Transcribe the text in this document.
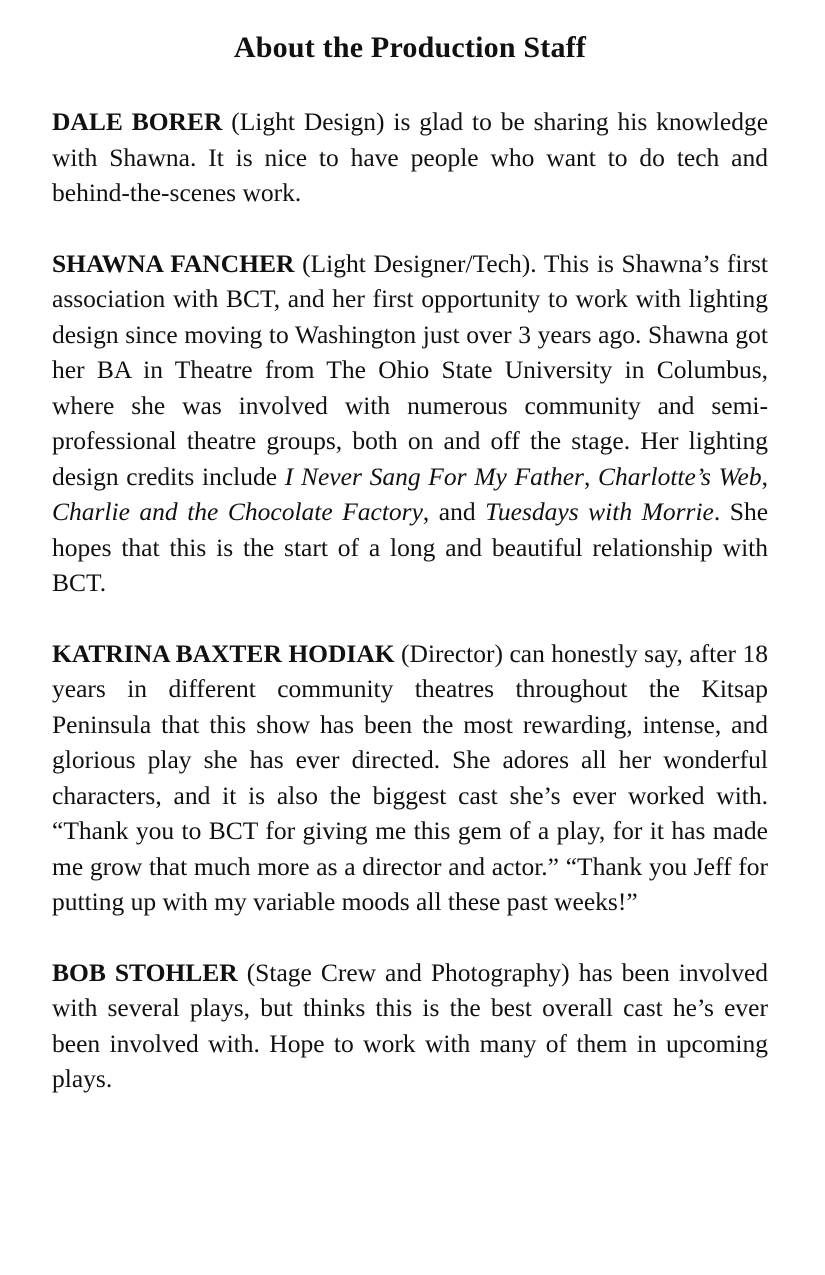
About the Production Staff

DALE BORER (Light Design) is glad to be sharing his knowledge with Shawna. It is nice to have people who want to do tech and behind-the-scenes work.

SHAWNA FANCHER (Light Designer/Tech). This is Shawna’s first association with BCT, and her first opportunity to work with lighting design since moving to Washington just over 3 years ago. Shawna got her BA in Theatre from The Ohio State University in Columbus, where she was involved with numerous community and semi-professional theatre groups, both on and off the stage. Her lighting design credits include I Never Sang For My Father, Charlotte’s Web, Charlie and the Chocolate Factory, and Tuesdays with Morrie. She hopes that this is the start of a long and beautiful relationship with BCT.

KATRINA BAXTER HODIAK (Director) can honestly say, after 18 years in different community theatres throughout the Kitsap Peninsula that this show has been the most rewarding, intense, and glorious play she has ever directed. She adores all her wonderful characters, and it is also the biggest cast she’s ever worked with. “Thank you to BCT for giving me this gem of a play, for it has made me grow that much more as a director and actor.” “Thank you Jeff for putting up with my variable moods all these past weeks!”

BOB STOHLER (Stage Crew and Photography) has been involved with several plays, but thinks this is the best overall cast he’s ever been involved with. Hope to work with many of them in upcoming plays.
